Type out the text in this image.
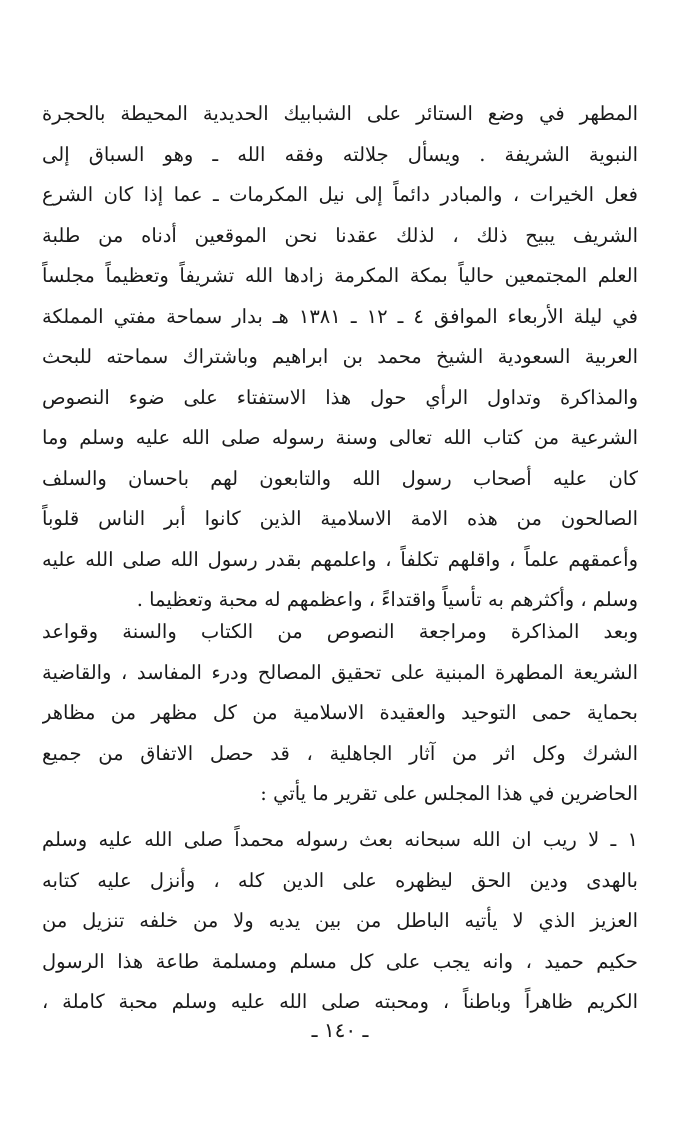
المطهر في وضع الستائر على الشبابيك الحديدية المحيطة بالحجرة
النبوية الشريفة . ويسأل جلالته وفقه الله ـ وهو السباق إلى
فعل الخيرات ، والمبادر دائماً إلى نيل المكرمات ـ عما إذا كان الشرع
الشريف يبيح ذلك ، لذلك عقدنا نحن الموقعين أدناه من طلبة
العلم المجتمعين حالياً بمكة المكرمة زادها الله تشريفاً وتعظيماً مجلساً
في ليلة الأربعاء الموافق ٤ ـ ١٢ ـ ١٣٨١ هـ بدار سماحة مفتي المملكة
العربية السعودية الشيخ محمد بن ابراهيم وباشتراك سماحته للبحث
والمذاكرة وتداول الرأي حول هذا الاستفتاء على ضوء النصوص
الشرعية من كتاب الله تعالى وسنة رسوله صلى الله عليه وسلم وما
كان عليه أصحاب رسول الله والتابعون لهم باحسان والسلف
الصالحون من هذه الامة الاسلامية الذين كانوا أبر الناس قلوباً
وأعمقهم علماً ، واقلهم تكلفاً ، واعلمهم بقدر رسول الله صلى الله عليه
وسلم ، وأكثرهم به تأسياً واقتداءً ، واعظمهم له محبة وتعظيما .
وبعد المذاكرة ومراجعة النصوص من الكتاب والسنة وقواعد
الشريعة المطهرة المبنية على تحقيق المصالح ودرء المفاسد ، والقاضية
بحماية حمى التوحيد والعقيدة الاسلامية من كل مظهر من مظاهر
الشرك وكل اثر من آثار الجاهلية ، قد حصل الاتفاق من جميع
الحاضرين في هذا المجلس على تقرير ما يأتي :
١ ـ لا ريب ان الله سبحانه بعث رسوله محمداً صلى الله عليه وسلم
بالهدى ودين الحق ليظهره على الدين كله ، وأنزل عليه كتابه
العزيز الذي لا يأتيه الباطل من بين يديه ولا من خلفه تنزيل من
حكيم حميد ، وانه يجب على كل مسلم ومسلمة طاعة هذا الرسول
الكريم ظاهراً وباطناً ، ومحبته صلى الله عليه وسلم محبة كاملة ،
ـ ١٤٠ ـ
